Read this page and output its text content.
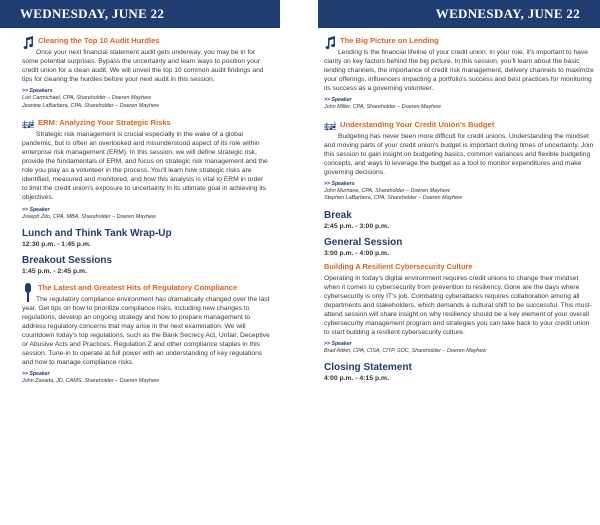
WEDNESDAY, JUNE 22
Clearing the Top 10 Audit Hurdles

Once your next financial statement audit gets underway, you may be in for some potential surprises. Bypass the uncertainty and learn ways to position your credit union for a clean audit. We will unveil the top 10 common audit findings and tips for clearing the hurdles before your next audit in this session.

>> Speakers
Lori Carmichael, CPA, Shareholder – Doeren Mayhew
Jeanine LaBarbera, CPA, Shareholder – Doeren Mayhew
ERM: Analyzing Your Strategic Risks

Strategic risk management is crucial especially in the wake of a global pandemic, but is often an overlooked and misunderstood aspect of its role within enterprise risk management (ERM). In this session, we will define strategic risk, provide the fundamentals of ERM, and focus on strategic risk management and the role you play as a volunteer in the process. You'll learn how strategic risks are identified, measured and monitored, and how this analysis is vital to ERM in order to limit the credit union's exposure to uncertainty in its ultimate goal in achieving its objectives.

>> Speaker
Joseph Zito, CPA, MBA, Shareholder – Doeren Mayhew
Lunch and Think Tank Wrap-Up
12:30 p.m. - 1:45 p.m.
Breakout Sessions
1:45 p.m. - 2:45 p.m.
The Latest and Greatest Hits of Regulatory Compliance

The regulatory compliance environment has dramatically changed over the last year. Get tips on how to prioritize compliance risks, including new changes to regulations, develop an ongoing strategy and how to prepare management to address regulatory concerns that may arise in the next examination. We will countdown today's top regulations, such as the Bank Secrecy Act, Unfair, Deceptive or Abusive Acts and Practices, Regulation Z and other compliance staples in this session. Tune-in to operate at full power with an understanding of key regulations and how to manage compliance risks.

>> Speaker
John Zasada, JD, CAMS, Shareholder – Doeren Mayhew
WEDNESDAY, JUNE 22
The Big Picture on Lending

Lending is the financial lifeline of your credit union. In your role, it's important to have clarity on key factors behind the big picture. In this session, you'll learn about the basic lending channels, the importance of credit risk management, delivery channels to maximize your offerings, influencers impacting a portfolio's success and best practices for monitoring its success as a governing volunteer.

>> Speaker
John Miller, CPA, Shareholder – Doeren Mayhew
Understanding Your Credit Union's Budget

Budgeting has never been more difficult for credit unions. Understanding the mindset and moving parts of your credit union's budget is important during times of uncertainty. Join this session to gain insight on budgeting basics, common variances and flexible budgeting concepts, and ways to leverage the budget as a tool to monitor expenditures and make governing decisions.

>> Speakers
John Murnane, CPA, Shareholder – Doeren Mayhew
Stephen LaBarbera, CPA, Shareholder – Doeren Mayhew
Break
2:45 p.m. - 3:00 p.m.
General Session
3:00 p.m. - 4:00 p.m.
Building A Resilient Cybersecurity Culture

Operating in today's digital environment requires credit unions to change their mindset when it comes to cybersecurity from prevention to resiliency. Gone are the days where cybersecurity is only IT's job. Combating cyberattacks requires collaboration among all departments and stakeholders, which demands a cultural shift to be successful. This must-attend session will share insight on why resiliency should be a key element of your overall cybersecurity management program and strategies you can take back to your credit union to start building a resilient cybersecurity culture.

>> Speaker
Brad Attkin, CPA, CISA, CITP, SOC, Shareholder – Doeren Mayhew
Closing Statement
4:00 p.m. - 4:15 p.m.
